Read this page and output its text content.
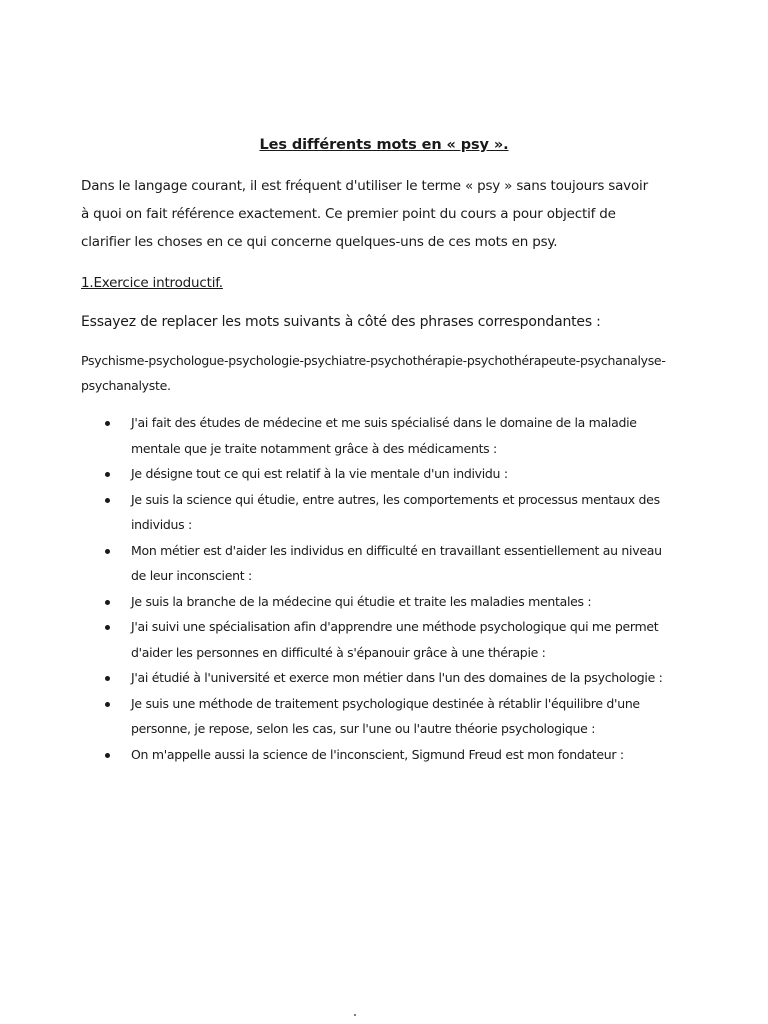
Les différents mots en « psy ».

Dans le langage courant, il est fréquent d'utiliser le terme « psy » sans toujours savoir

à quoi on fait référence exactement. Ce premier point du cours a pour objectif de

clarifier les choses en ce qui concerne quelques-uns de ces mots en psy.

1.Exercice introductif.
Essayez de replacer les mots suivants à côté des phrases correspondantes :
Psychisme-psychologue-psychologie-psychiatre-psychothérapie-psychothérapeute-psychanalyse-
psychanalyste.
J'ai fait des études de médecine et me suis spécialisé dans le domaine de la maladie
mentale que je traite notamment grâce à des médicaments :
Je désigne tout ce qui est relatif à la vie mentale d'un individu :
Je suis la science qui étudie, entre autres, les comportements et processus mentaux des
individus :
Mon métier est d'aider les individus en difficulté en travaillant essentiellement au niveau
de leur inconscient :
Je suis la branche de la médecine qui étudie et traite les maladies mentales :
J'ai suivi une spécialisation afin d'apprendre une méthode psychologique qui me permet
d'aider les personnes en difficulté à s'épanouir grâce à une thérapie :
J'ai étudié à l'université et exerce mon métier dans l'un des domaines de la psychologie :
Je suis une méthode de traitement psychologique destinée à rétablir l'équilibre d'une
personne, je repose, selon les cas, sur l'une ou l'autre théorie psychologique :
On m'appelle aussi la science de l'inconscient, Sigmund Freud est mon fondateur :
